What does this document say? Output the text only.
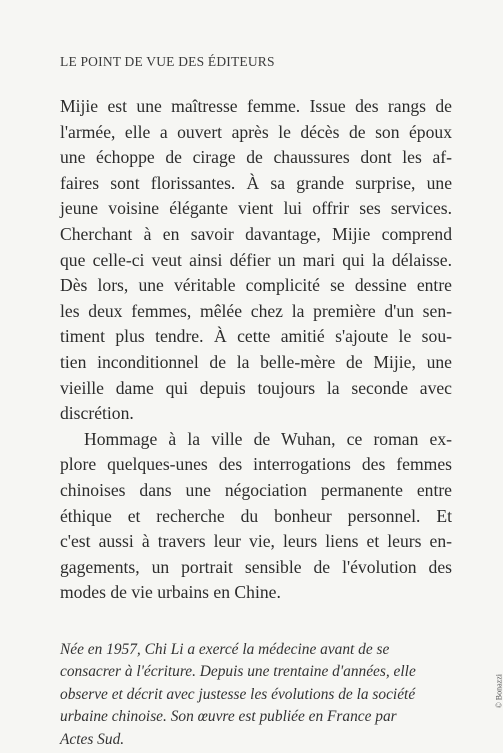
LE POINT DE VUE DES ÉDITEURS

Mijie est une maîtresse femme. Issue des rangs de
l'armée, elle a ouvert après le décès de son époux
une échoppe de cirage de chaussures dont les af-
faires sont florissantes. À sa grande surprise, une
jeune voisine élégante vient lui offrir ses services.
Cherchant à en savoir davantage, Mijie comprend
que celle-ci veut ainsi défier un mari qui la délaisse.
Dès lors, une véritable complicité se dessine entre
les deux femmes, mêlée chez la première d'un sen-
timent plus tendre. À cette amitié s'ajoute le sou-
tien inconditionnel de la belle-mère de Mijie, une
vieille dame qui depuis toujours la seconde avec
discrétion.

Hommage à la ville de Wuhan, ce roman ex-
plore quelques-unes des interrogations des femmes
chinoises dans une négociation permanente entre
éthique et recherche du bonheur personnel. Et
c'est aussi à travers leur vie, leurs liens et leurs en-
gagements, un portrait sensible de l'évolution des
modes de vie urbains en Chine.

Née en 1957, Chi Li a exercé la médecine avant de se
consacrer à l'écriture. Depuis une trentaine d'années, elle
observe et décrit avec justesse les évolutions de la société
urbaine chinoise. Son œuvre est publiée en France par
Actes Sud.
© Bonazzi
